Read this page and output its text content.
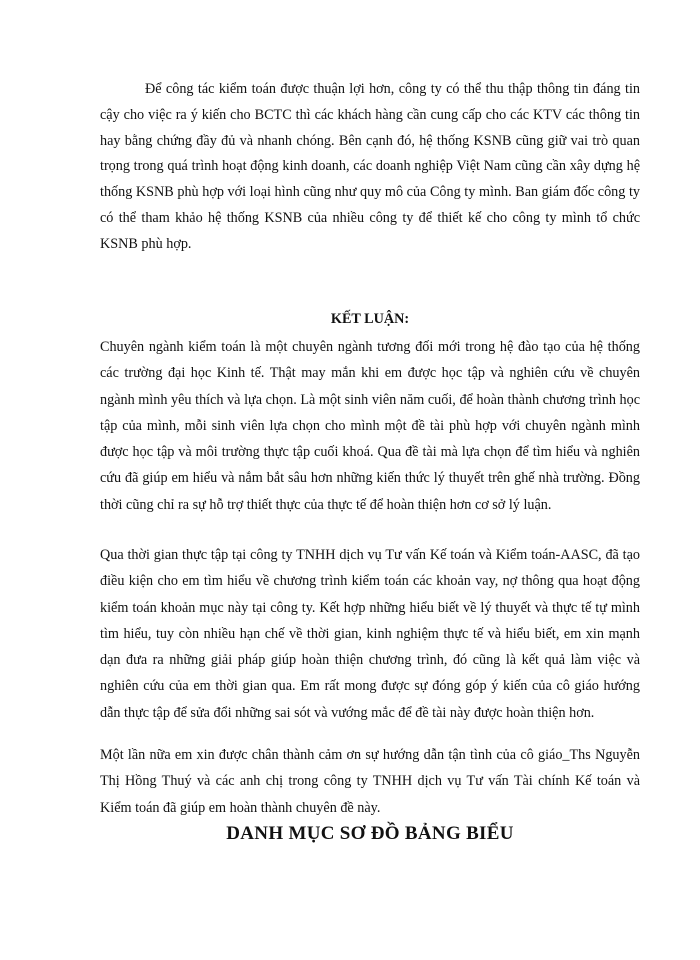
Để công tác kiểm toán được thuận lợi hơn, công ty có thể thu thập thông tin đáng tin cậy cho việc ra ý kiến cho BCTC thì các khách hàng cần cung cấp cho các KTV các thông tin hay bằng chứng đầy đủ và nhanh chóng. Bên cạnh đó, hệ thống KSNB cũng giữ vai trò quan trọng trong quá trình hoạt động kinh doanh, các doanh nghiệp Việt Nam cũng cần xây dựng hệ thống KSNB phù hợp với loại hình cũng như quy mô của Công ty mình. Ban giám đốc công ty có thể tham khảo hệ thống KSNB của nhiều công ty để thiết kế cho công ty mình tổ chức KSNB phù hợp.

KẾT LUẬN:

Chuyên ngành kiểm toán là một chuyên ngành tương đối mới trong hệ đào tạo của hệ thống các trường đại học Kinh tế. Thật may mắn khi em được học tập và nghiên cứu về chuyên ngành mình yêu thích và lựa chọn. Là một sinh viên năm cuối, để hoàn thành chương trình học tập của mình, mỗi sinh viên lựa chọn cho mình một đề tài phù hợp với chuyên ngành mình được học tập và môi trường thực tập cuối khoá. Qua đề tài mà lựa chọn để tìm hiểu và nghiên cứu đã giúp em hiểu và nắm bắt sâu hơn những kiến thức lý thuyết trên ghế nhà trường. Đồng thời cũng chỉ ra sự hỗ trợ thiết thực của thực tế để hoàn thiện hơn cơ sở lý luận.

Qua thời gian thực tập tại công ty TNHH dịch vụ Tư vấn Kế toán và Kiểm toán-AASC, đã tạo điều kiện cho em tìm hiểu về chương trình kiểm toán các khoản vay, nợ thông qua hoạt động kiểm toán khoản mục này tại công ty. Kết hợp những hiểu biết về lý thuyết và thực tế tự mình tìm hiểu, tuy còn nhiều hạn chế về thời gian, kinh nghiệm thực tế và hiểu biết, em xin mạnh dạn đưa ra những giải pháp giúp hoàn thiện chương trình, đó cũng là kết quả làm việc và nghiên cứu của em thời gian qua. Em rất mong được sự đóng góp ý kiến của cô giáo hướng dẫn thực tập để sửa đổi những sai sót và vướng mắc để đề tài này được hoàn thiện hơn.

Một lần nữa em xin được chân thành cảm ơn sự hướng dẫn tận tình của cô giáo_Ths Nguyễn Thị Hồng Thuý và các anh chị trong công ty TNHH dịch vụ Tư vấn Tài chính Kế toán và Kiểm toán đã giúp em hoàn thành chuyên đề này.

DANH MỤC SƠ ĐỒ BẢNG BIỂU
